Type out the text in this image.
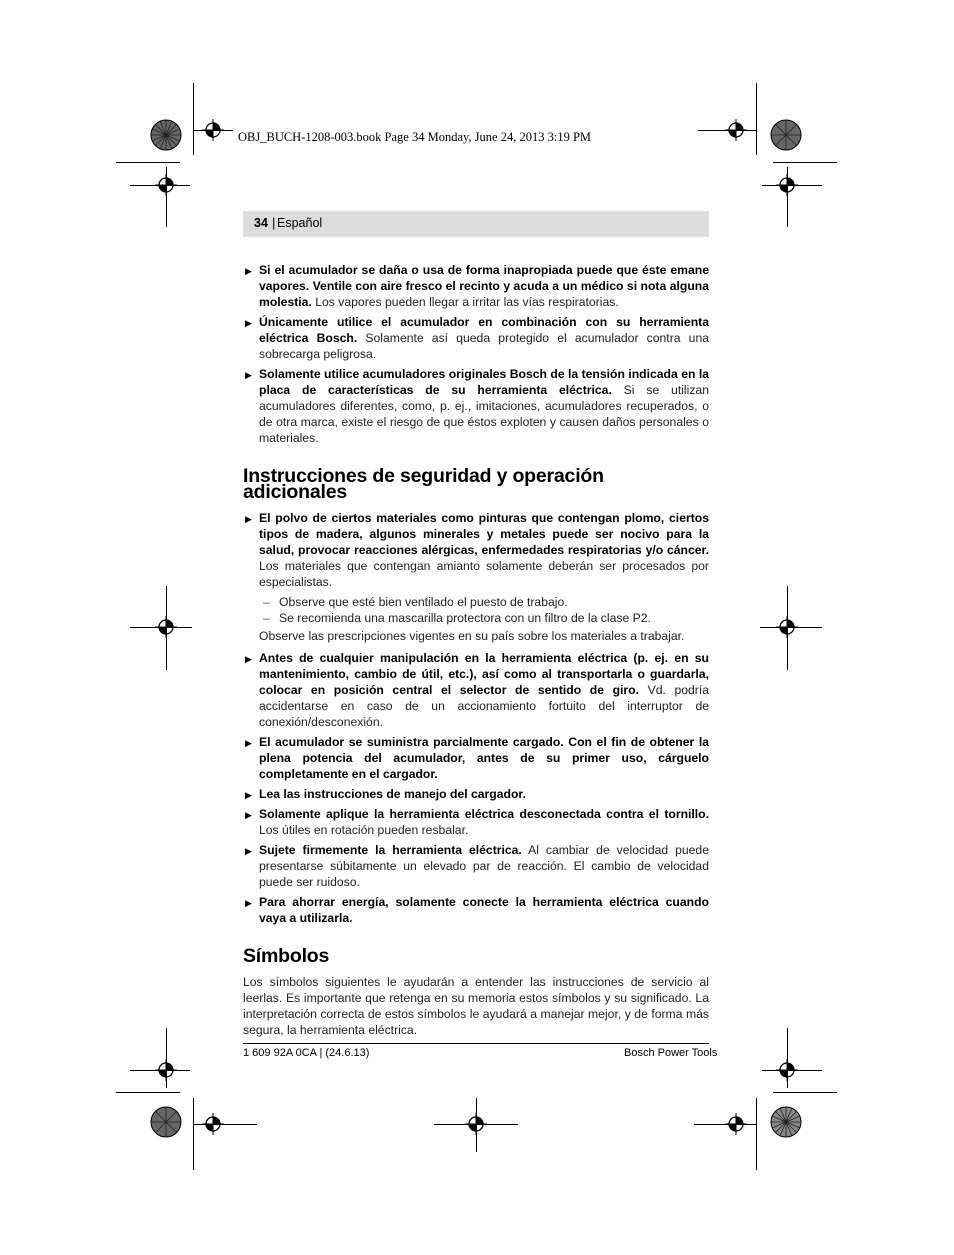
OBJ_BUCH-1208-003.book Page 34 Monday, June 24, 2013 3:19 PM
34 | Español
▶ Si el acumulador se daña o usa de forma inapropiada puede que éste emane vapores. Ventile con aire fresco el recinto y acuda a un médico si nota alguna molestia. Los vapores pueden llegar a irritar las vías respiratorias.
▶ Únicamente utilice el acumulador en combinación con su herramienta eléctrica Bosch. Solamente así queda protegido el acumulador contra una sobrecarga peligrosa.
▶ Solamente utilice acumuladores originales Bosch de la tensión indicada en la placa de características de su herramienta eléctrica. Si se utilizan acumuladores diferentes, como, p. ej., imitaciones, acumuladores recuperados, o de otra marca, existe el riesgo de que éstos exploten y causen daños personales o materiales.
Instrucciones de seguridad y operación adicionales
▶ El polvo de ciertos materiales como pinturas que contengan plomo, ciertos tipos de madera, algunos minerales y metales puede ser nocivo para la salud, provocar reacciones alérgicas, enfermedades respiratorias y/o cáncer. Los materiales que contengan amianto solamente deberán ser procesados por especialistas.
– Observe que esté bien ventilado el puesto de trabajo.
– Se recomienda una mascarilla protectora con un filtro de la clase P2.
Observe las prescripciones vigentes en su país sobre los materiales a trabajar.
▶ Antes de cualquier manipulación en la herramienta eléctrica (p. ej. en su mantenimiento, cambio de útil, etc.), así como al transportarla o guardarla, colocar en posición central el selector de sentido de giro. Vd. podría accidentarse en caso de un accionamiento fortuito del interruptor de conexión/desconexión.
▶ El acumulador se suministra parcialmente cargado. Con el fin de obtener la plena potencia del acumulador, antes de su primer uso, cárguelo completamente en el cargador.
▶ Lea las instrucciones de manejo del cargador.
▶ Solamente aplique la herramienta eléctrica desconectada contra el tornillo. Los útiles en rotación pueden resbalar.
▶ Sujete firmemente la herramienta eléctrica. Al cambiar de velocidad puede presentarse súbitamente un elevado par de reacción. El cambio de velocidad puede ser ruidoso.
▶ Para ahorrar energía, solamente conecte la herramienta eléctrica cuando vaya a utilizarla.
Símbolos

Los símbolos siguientes le ayudarán a entender las instrucciones de servicio al leerlas. Es importante que retenga en su memoria estos símbolos y su significado. La interpretación correcta de estos símbolos le ayudará a manejar mejor, y de forma más segura, la herramienta eléctrica.

1 609 92A 0CA | (24.6.13)	Bosch Power Tools
